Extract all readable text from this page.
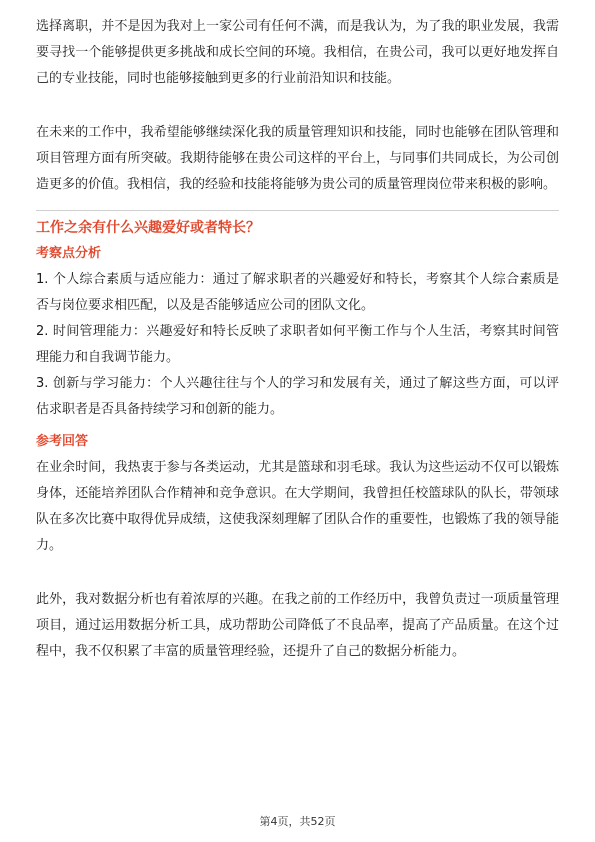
选择离职，并不是因为我对上一家公司有任何不满，而是我认为，为了我的职业发展，我需要寻找一个能够提供更多挑战和成长空间的环境。我相信，在贵公司，我可以更好地发挥自己的专业技能，同时也能够接触到更多的行业前沿知识和技能。

在未来的工作中，我希望能够继续深化我的质量管理知识和技能，同时也能够在团队管理和项目管理方面有所突破。我期待能够在贵公司这样的平台上，与同事们共同成长，为公司创造更多的价值。我相信，我的经验和技能将能够为贵公司的质量管理岗位带来积极的影响。

工作之余有什么兴趣爱好或者特长？

考察点分析

1. 个人综合素质与适应能力：通过了解求职者的兴趣爱好和特长，考察其个人综合素质是否与岗位要求相匹配，以及是否能够适应公司的团队文化。

2. 时间管理能力：兴趣爱好和特长反映了求职者如何平衡工作与个人生活，考察其时间管理能力和自我调节能力。

3. 创新与学习能力：个人兴趣往往与个人的学习和发展有关，通过了解这些方面，可以评估求职者是否具备持续学习和创新的能力。

参考回答

在业余时间，我热衷于参与各类运动，尤其是篮球和羽毛球。我认为这些运动不仅可以锻炼身体，还能培养团队合作精神和竞争意识。在大学期间，我曾担任校篮球队的队长，带领球队在多次比赛中取得优异成绩，这使我深刻理解了团队合作的重要性，也锻炼了我的领导能力。

此外，我对数据分析也有着浓厚的兴趣。在我之前的工作经历中，我曾负责过一项质量管理项目，通过运用数据分析工具，成功帮助公司降低了不良品率，提高了产品质量。在这个过程中，我不仅积累了丰富的质量管理经验，还提升了自己的数据分析能力。

第4页，共52页
